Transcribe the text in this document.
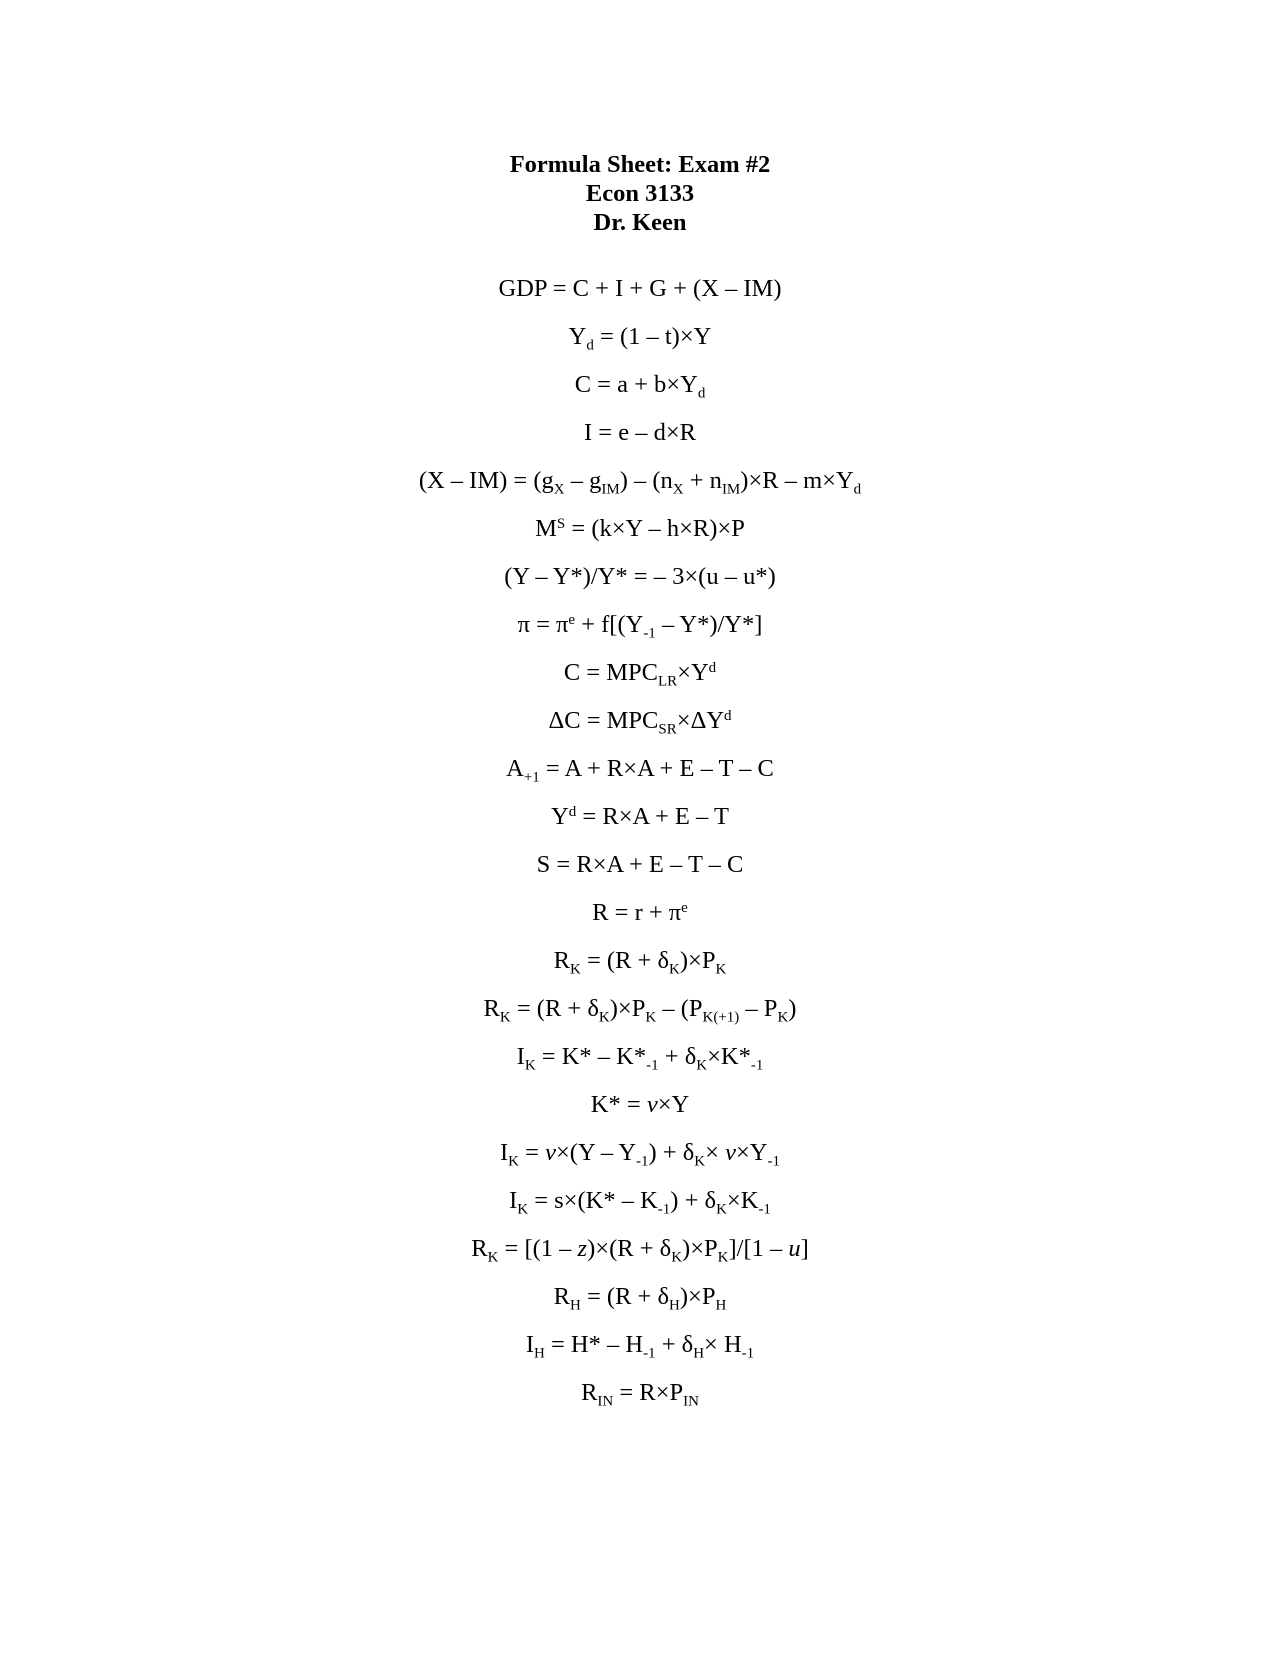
Formula Sheet: Exam #2
Econ 3133
Dr. Keen
GDP = C + I + G + (X – IM)
$Y_d = (1 - t)\times Y$
$C = a + b\times Y_d$
I = e – d×R
$(X - IM) = (g_X - g_{IM}) - (n_X + n_{IM})\times R - m\times Y_d$
$M^S = (k\times Y - h\times R)\times P$
(Y – Y*)/Y* = – 3×(u – u*)
$\pi = \pi^e + f[(Y_{-1} - Y*)/Y*]$
$C = MPC_{LR}\times Y^d$
$\Delta C = MPC_{SR}\times\Delta Y^d$
$A_{+1} = A + R\times A + E - T - C$
$Y^d = R\times A + E - T$
S = R×A + E – T – C
$R = r + \pi^e$
$R_K = (R + \delta_K)\times P_K$
$R_K = (R + \delta_K)\times P_K - (P_{K(+1)} - P_K)$
$I_K = K* - K*_{-1} + \delta_K\times K*_{-1}$
K* = v×Y
$I_K = v\times(Y - Y_{-1}) + \delta_K\times v\times Y_{-1}$
$I_K = s\times(K* - K_{-1}) + \delta_K\times K_{-1}$
$R_K = [(1 - z)\times(R + \delta_K)\times P_K]/[1 - u]$
$R_H = (R + \delta_H)\times P_H$
$I_H = H* - H_{-1} + \delta_H\times H_{-1}$
$R_{IN} = R\times P_{IN}$
